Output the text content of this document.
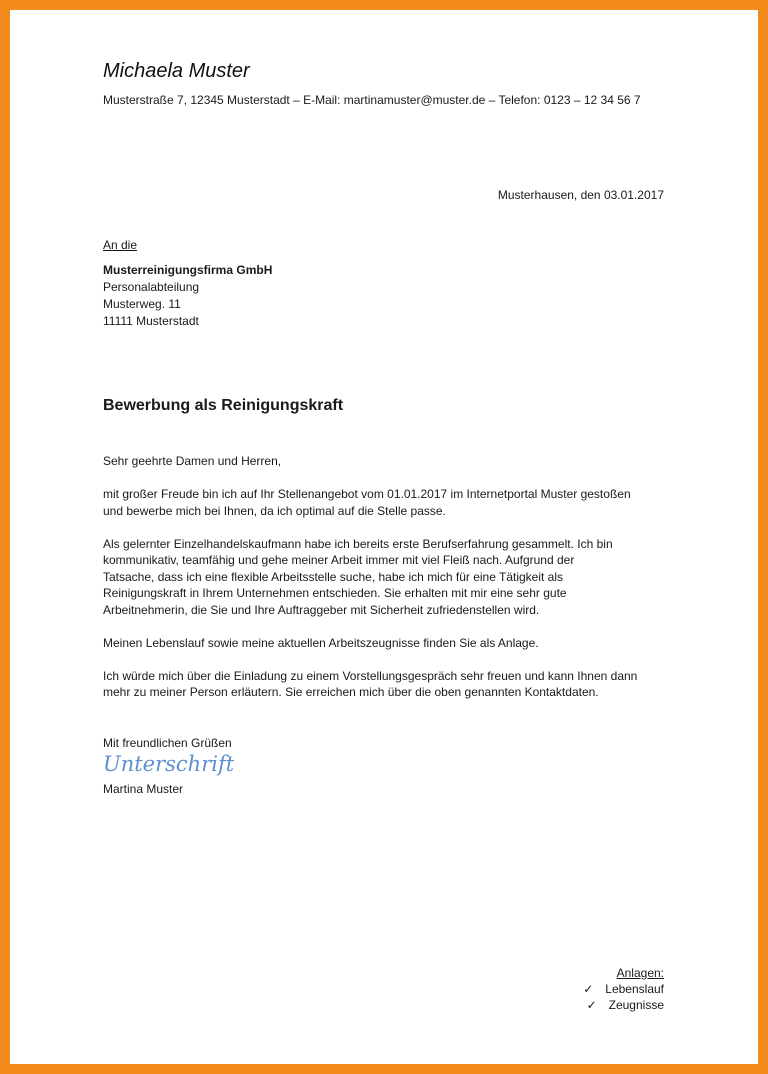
Michaela Muster
Musterstraße 7, 12345 Musterstadt – E-Mail: martinamuster@muster.de – Telefon: 0123 – 12 34 56 7
Musterhausen, den 03.01.2017
An die
Musterreinigungsfirma GmbH
Personalabteilung
Musterweg. 11
11111 Musterstadt
Bewerbung als Reinigungskraft

Sehr geehrte Damen und Herren,

mit großer Freude bin ich auf Ihr Stellenangebot vom 01.01.2017 im Internetportal Muster gestoßen
und bewerbe mich bei Ihnen, da ich optimal auf die Stelle passe.

Als gelernter Einzelhandelskaufmann habe ich bereits erste Berufserfahrung gesammelt. Ich bin
kommunikativ, teamfähig und gehe meiner Arbeit immer mit viel Fleiß nach. Aufgrund der
Tatsache, dass ich eine flexible Arbeitsstelle suche, habe ich mich für eine Tätigkeit als
Reinigungskraft in Ihrem Unternehmen entschieden. Sie erhalten mit mir eine sehr gute
Arbeitnehmerin, die Sie und Ihre Auftraggeber mit Sicherheit zufriedenstellen wird.

Meinen Lebenslauf sowie meine aktuellen Arbeitszeugnisse finden Sie als Anlage.

Ich würde mich über die Einladung zu einem Vorstellungsgespräch sehr freuen und kann Ihnen dann
mehr zu meiner Person erläutern. Sie erreichen mich über die oben genannten Kontaktdaten.

Mit freundlichen Grüßen
Unterschrift
Martina Muster
Anlagen:
✓ Lebenslauf
✓ Zeugnisse
